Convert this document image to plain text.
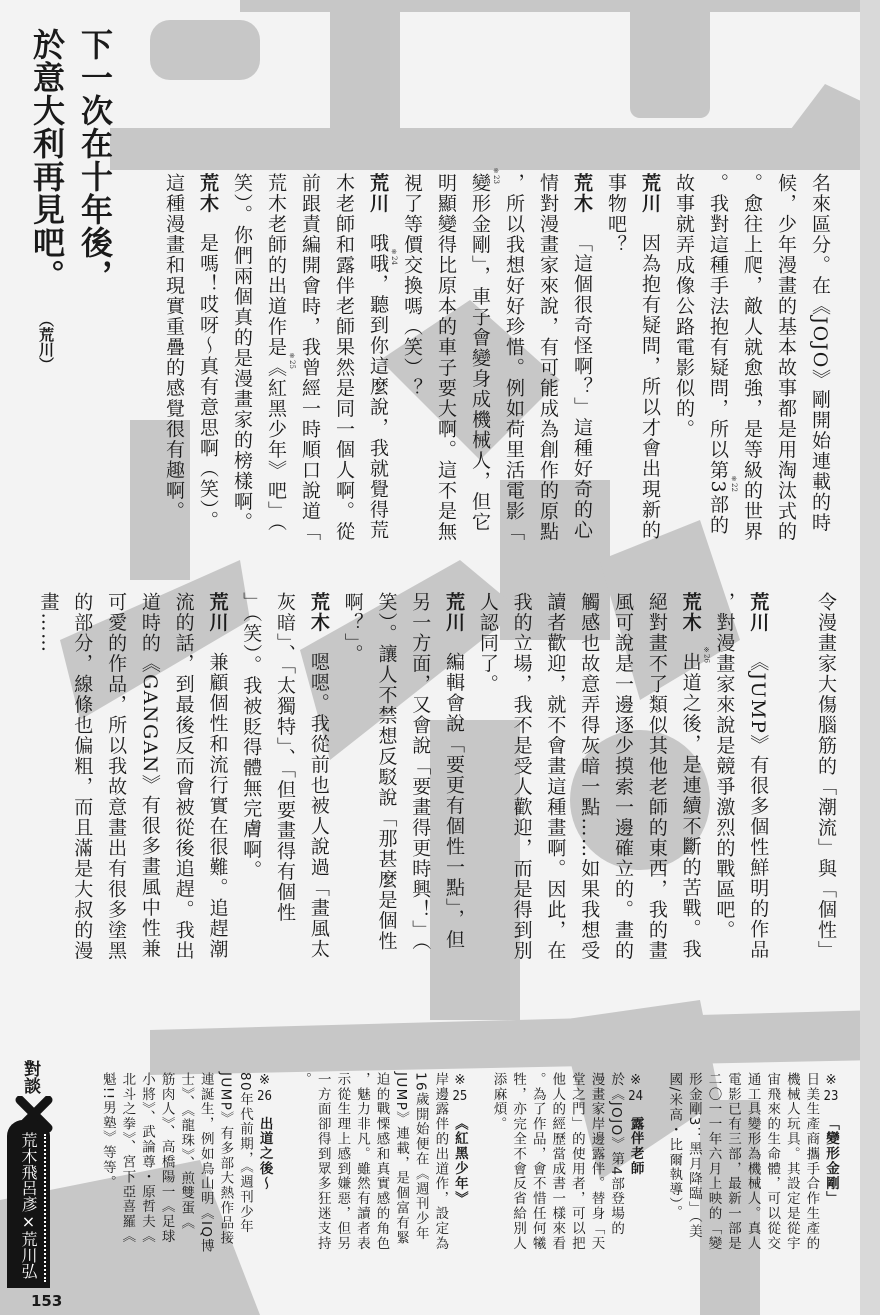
下一次在十年後，
於意大利再見吧。
（荒川）	名來區分。在《JOJO》剛開始連載的時
候，少年漫畫的基本故事都是用淘汰式的
。愈往上爬，敵人就愈強，是等級的世界
。我對這種手法抱有疑問，所以第
※22
3部的
故事就弄成像公路電影似的。
荒川因為抱有疑問，所以才會出現新的
事物吧？
荒木「這個很奇怪啊？」這種好奇的心
情對漫畫家來說，有可能成為創作的原點
，所以我想好好珍惜。例如荷里活電影「
※23
變形金剛」，車子會變身成機械人，但它
明顯變得比原本的車子要大啊。這不是無
視了等價交換嗎（笑）？
荒川哦
※24
哦，聽到你這麼說，我就覺得荒
木老師和露伴老師果然是同一個人啊。從
前跟責編開會時，我曾經一時順口說道「
荒木老師的出道作是
※25
《紅黑少年》吧」（
笑）。你們兩個真的是漫畫家的榜樣啊。
荒木是嗎！哎呀～真有意思啊（笑）。
這種漫畫和現實重疊的感覺很有趣啊。
令漫畫家大傷腦筋的「潮流」與「個性」
荒川《JUMP》有很多個性鮮明的作品
，對漫畫家來說是競爭激烈的戰區吧。
荒木
※26
出道之後，是連續不斷的苦戰。我
絕對畫不了類似其他老師的東西，我的畫
風可說是一邊逐少摸索一邊確立的。畫的
觸感也故意弄得灰暗一點……如果我想受
讀者歡迎，就不會畫這種畫啊。因此，在
我的立場，我不是受人歡迎，而是得到別
人認同了。
荒川編輯會說「要更有個性一點」，但
另一方面，又會說「要畫得更時興！」（
笑）。讓人不禁想反駁說「那甚麼是個性
啊？」。
荒木嗯嗯。我從前也被人說過「畫風太
灰暗」、「太獨特」、「但要畫得有個性
」（笑）。我被貶得體無完膚啊。
荒川兼顧個性和流行實在很難。追趕潮
流的話，到最後反而會被從後追趕。我出
道時的《GANGAN》有很多畫風中性兼
可愛的作品，所以我故意畫出有很多塗黑
的部分，線條也偏粗，而且滿是大叔的漫
畫……
※23「變形金剛」
日美生產商攜手合作生產的
機械人玩具。其設定是從宇
宙飛來的生命體，可以從交
通工具變形為機械人。真人
電影已有三部，最新一部是
二〇一一年六月上映的「變
形金剛3：黑月降臨」（美
國/米高・比爾執導）。
※24露伴老師
於《JOJO》第4部登場的
漫畫家岸邊露伴。替身「天
堂之門」的使用者，可以把
他人的經歷當成書一樣來看
。為了作品，會不惜任何犧
牲，亦完全不會反省給別人
添麻煩。
※25《紅黑少年》
岸邊露伴的出道作，設定為
16歲開始便在《週刊少年
JUMP》連載，是個富有緊
迫的戰慄感和真實感的角色
，魅力非凡。雖然有讀者表
示從生理上感到嫌惡，但另
一方面卻得到眾多狂迷支持
。
※26出道之後～
80年代前期，《週刊少年
JUMP》有多部大熱作品接
連誕生，例如鳥山明《IQ博
士》、《龍珠》、煎雙蛋《
筋肉人》、高橋陽一《足球
小將》、武論尊・原哲夫《
北斗之拳》、宮下亞喜羅《
魁!!男塾》等等。
對談
荒木飛呂彥×荒川弘
153
